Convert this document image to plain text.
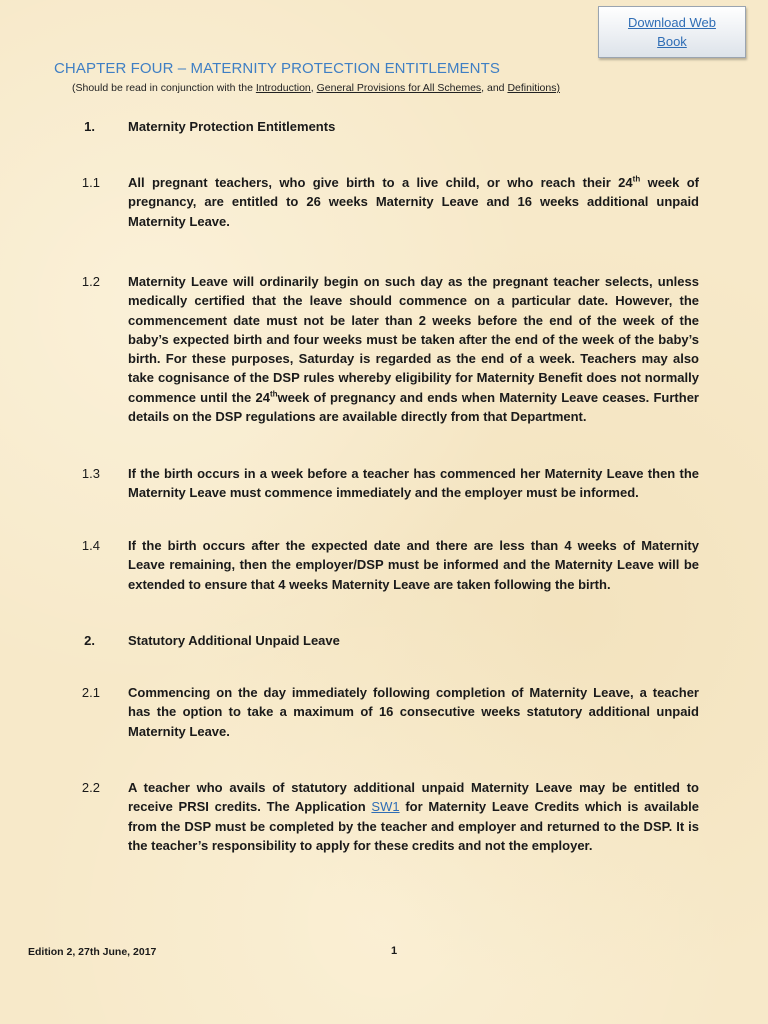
Download Web Book
CHAPTER FOUR – MATERNITY PROTECTION ENTITLEMENTS
(Should be read in conjunction with the Introduction, General Provisions for All Schemes, and Definitions)
1.	Maternity Protection Entitlements
1.1	All pregnant teachers, who give birth to a live child, or who reach their 24th week of pregnancy, are entitled to 26 weeks Maternity Leave and 16 weeks additional unpaid Maternity Leave.
1.2	Maternity Leave will ordinarily begin on such day as the pregnant teacher selects, unless medically certified that the leave should commence on a particular date. However, the commencement date must not be later than 2 weeks before the end of the week of the baby’s expected birth and four weeks must be taken after the end of the week of the baby’s birth. For these purposes, Saturday is regarded as the end of a week. Teachers may also take cognisance of the DSP rules whereby eligibility for Maternity Benefit does not normally commence until the 24thweek of pregnancy and ends when Maternity Leave ceases. Further details on the DSP regulations are available directly from that Department.
1.3	If the birth occurs in a week before a teacher has commenced her Maternity Leave then the Maternity Leave must commence immediately and the employer must be informed.
1.4	If the birth occurs after the expected date and there are less than 4 weeks of Maternity Leave remaining, then the employer/DSP must be informed and the Maternity Leave will be extended to ensure that 4 weeks Maternity Leave are taken following the birth.
2.	Statutory Additional Unpaid Leave
2.1	Commencing on the day immediately following completion of Maternity Leave, a teacher has the option to take a maximum of 16 consecutive weeks statutory additional unpaid Maternity Leave.
2.2	A teacher who avails of statutory additional unpaid Maternity Leave may be entitled to receive PRSI credits. The Application SW1 for Maternity Leave Credits which is available from the DSP must be completed by the teacher and employer and returned to the DSP. It is the teacher’s responsibility to apply for these credits and not the employer.
Edition 2, 27th June, 2017	1
